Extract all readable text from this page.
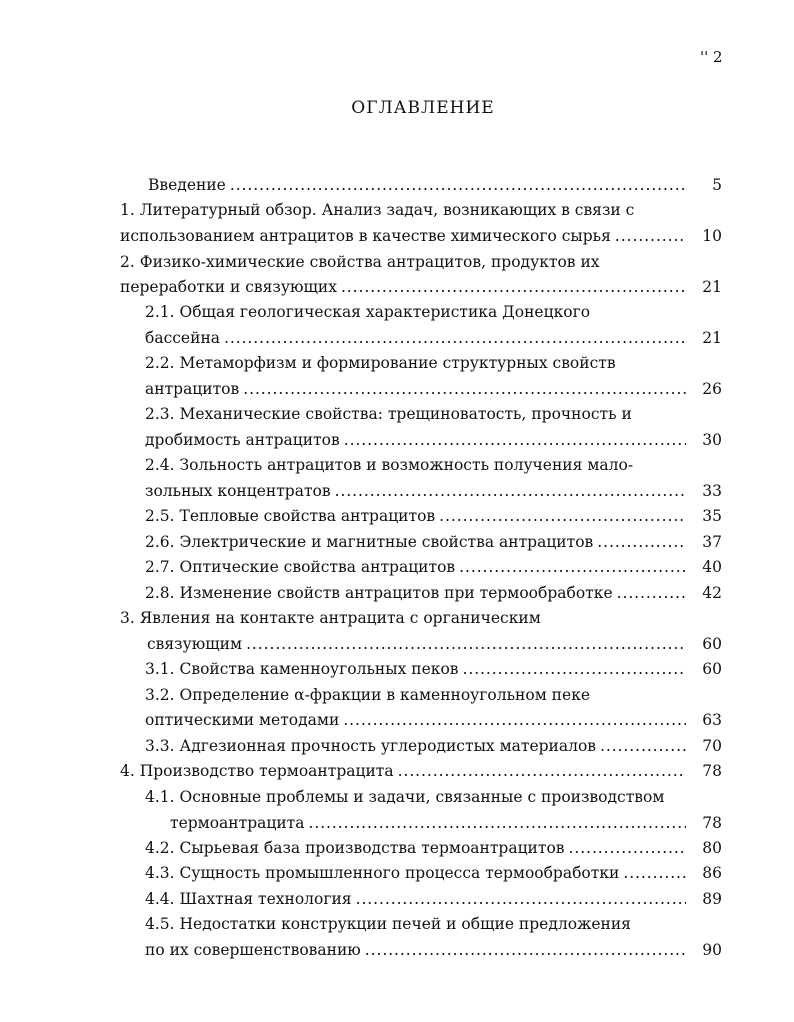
'' 2
ОГЛАВЛЕНИЕ
Введение . . .	5
1. Литературный обзор. Анализ задач, возникающих в связи с
использованием антрацитов в качестве химического сырья . . .	10
2. Физико-химические свойства антрацитов, продуктов их
переработки и связующих . . .	21
2.1. Общая геологическая характеристика Донецкого
бассейна . . .	21
2.2. Метаморфизм и формирование структурных свойств
антрацитов . . .	26
2.3. Механические свойства: трещиноватость, прочность и
дробимость антрацитов . . .	30
2.4. Зольность антрацитов и возможность получения мало-
зольных концентратов . . .	33
2.5. Тепловые свойства антрацитов . . .	35
2.6. Электрические и магнитные свойства антрацитов . . .	37
2.7. Оптические свойства антрацитов . . .	40
2.8. Изменение свойств антрацитов при термообработке . . .	42
3. Явления на контакте антрацита с органическим
связующим . . .	60
3.1. Свойства каменноугольных пеков . . .	60
3.2. Определение α-фракции в каменноугольном пеке
оптическими методами . . .	63
3.3. Адгезионная прочность углеродистых материалов . . .	70
4. Производство термоантрацита . . .	78
4.1. Основные проблемы и задачи, связанные с производством
термоантрацита . . .	78
4.2. Сырьевая база производства термоантрацитов . . .	80
4.3. Сущность промышленного процесса термообработки . . .	86
4.4. Шахтная технология . . .	89
4.5. Недостатки конструкции печей и общие предложения
по их совершенствованию . . .	90
